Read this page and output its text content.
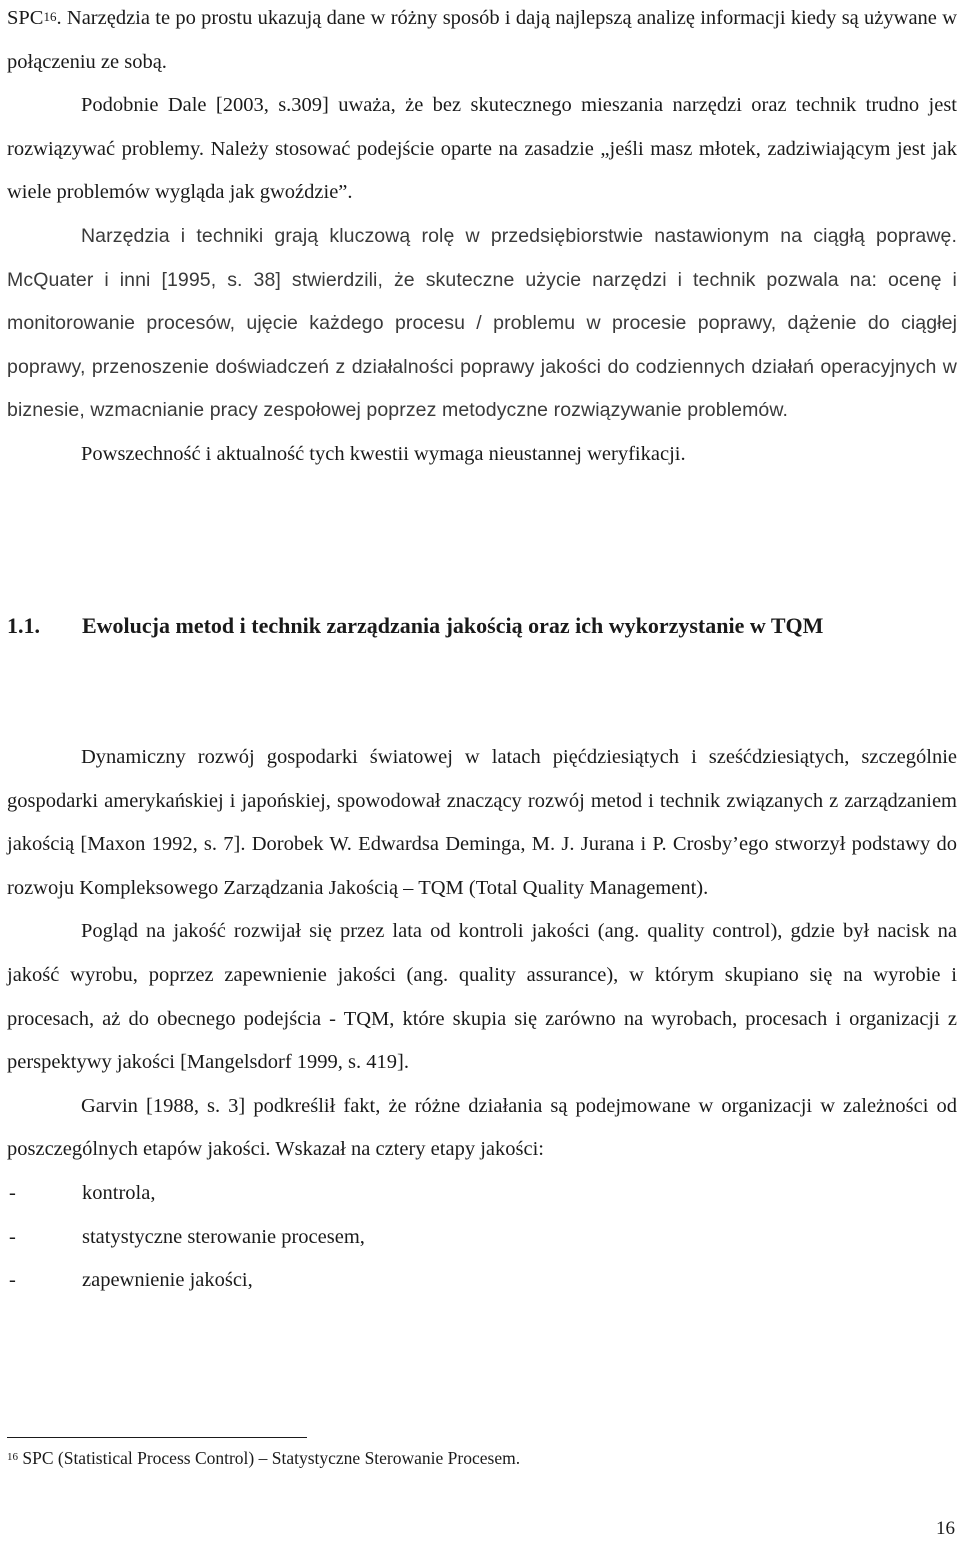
SPC$^{16}$. Narzędzia te po prostu ukazują dane w różny sposób i dają najlepszą analizę informacji kiedy są używane w połączeniu ze sobą.

Podobnie Dale [2003, s.309] uważa, że bez skutecznego mieszania narzędzi oraz technik trudno jest rozwiązywać problemy. Należy stosować podejście oparte na zasadzie „jeśli masz młotek, zadziwiającym jest jak wiele problemów wygląda jak gwoździe”.

Narzędzia i techniki grają kluczową rolę w przedsiębiorstwie nastawionym na ciągłą poprawę. McQuater i inni [1995, s. 38] stwierdzili, że skuteczne użycie narzędzi i technik pozwala na: ocenę i monitorowanie procesów, ujęcie każdego procesu / problemu w procesie poprawy, dążenie do ciągłej poprawy, przenoszenie doświadczeń z działalności poprawy jakości do codziennych działań operacyjnych w biznesie, wzmacnianie pracy zespołowej poprzez metodyczne rozwiązywanie problemów.

Powszechność i aktualność tych kwestii wymaga nieustannej weryfikacji.

1.1. Ewolucja metod i technik zarządzania jakością oraz ich wykorzystanie w TQM

Dynamiczny rozwój gospodarki światowej w latach pięćdziesiątych i sześćdziesiątych, szczególnie gospodarki amerykańskiej i japońskiej, spowodował znaczący rozwój metod i technik związanych z zarządzaniem jakością [Maxon 1992, s. 7]. Dorobek W. Edwardsa Deminga, M. J. Jurana i P. Crosby’ego stworzył podstawy do rozwoju Kompleksowego Zarządzania Jakością – TQM (Total Quality Management).

Pogląd na jakość rozwijał się przez lata od kontroli jakości (ang. quality control), gdzie był nacisk na jakość wyrobu, poprzez zapewnienie jakości (ang. quality assurance), w którym skupiano się na wyrobie i procesach, aż do obecnego podejścia - TQM, które skupia się zarówno na wyrobach, procesach i organizacji z perspektywy jakości [Mangelsdorf 1999, s. 419].

Garvin [1988, s. 3] podkreślił fakt, że różne działania są podejmowane w organizacji w zależności od poszczególnych etapów jakości. Wskazał na cztery etapy jakości:

-	kontrola,
-	statystyczne sterowanie procesem,
-	zapewnienie jakości,
$^{16}$ SPC (Statistical Process Control) – Statystyczne Sterowanie Procesem.
16
